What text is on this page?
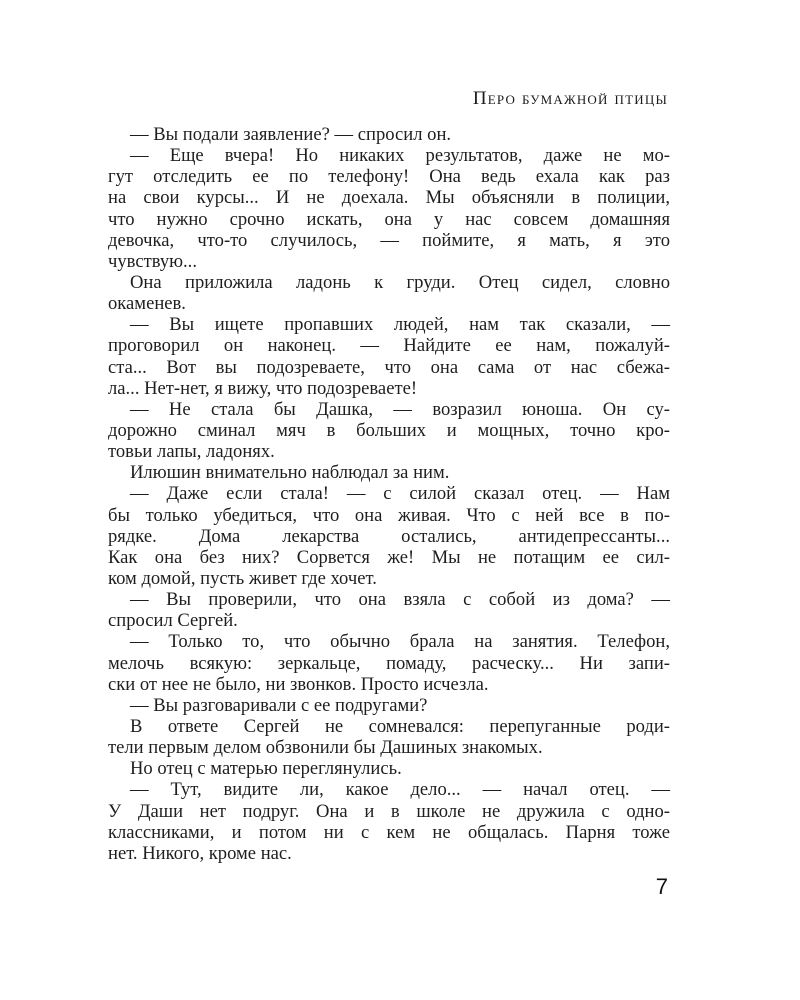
Перо бумажной птицы
— Вы подали заявление? — спросил он.
— Еще вчера! Но никаких результатов, даже не мо-
гут отследить ее по телефону! Она ведь ехала как раз
на свои курсы... И не доехала. Мы объясняли в полиции,
что нужно срочно искать, она у нас совсем домашняя
девочка, что-то случилось, — поймите, я мать, я это
чувствую...
Она приложила ладонь к груди. Отец сидел, словно
окаменев.
— Вы ищете пропавших людей, нам так сказали, —
проговорил он наконец. — Найдите ее нам, пожалуй-
ста... Вот вы подозреваете, что она сама от нас сбежа-
ла... Нет-нет, я вижу, что подозреваете!
— Не стала бы Дашка, — возразил юноша. Он су-
дорожно сминал мяч в больших и мощных, точно кро-
товьи лапы, ладонях.
Илюшин внимательно наблюдал за ним.
— Даже если стала! — с силой сказал отец. — Нам
бы только убедиться, что она живая. Что с ней все в по-
рядке. Дома лекарства остались, антидепрессанты...
Как она без них? Сорвется же! Мы не потащим ее сил-
ком домой, пусть живет где хочет.
— Вы проверили, что она взяла с собой из дома? —
спросил Сергей.
— Только то, что обычно брала на занятия. Телефон,
мелочь всякую: зеркальце, помаду, расческу... Ни запи-
ски от нее не было, ни звонков. Просто исчезла.
— Вы разговаривали с ее подругами?
В ответе Сергей не сомневался: перепуганные роди-
тели первым делом обзвонили бы Дашиных знакомых.
Но отец с матерью переглянулись.
— Тут, видите ли, какое дело... — начал отец. —
У Даши нет подруг. Она и в школе не дружила с одно-
классниками, и потом ни с кем не общалась. Парня тоже
нет. Никого, кроме нас.
7
